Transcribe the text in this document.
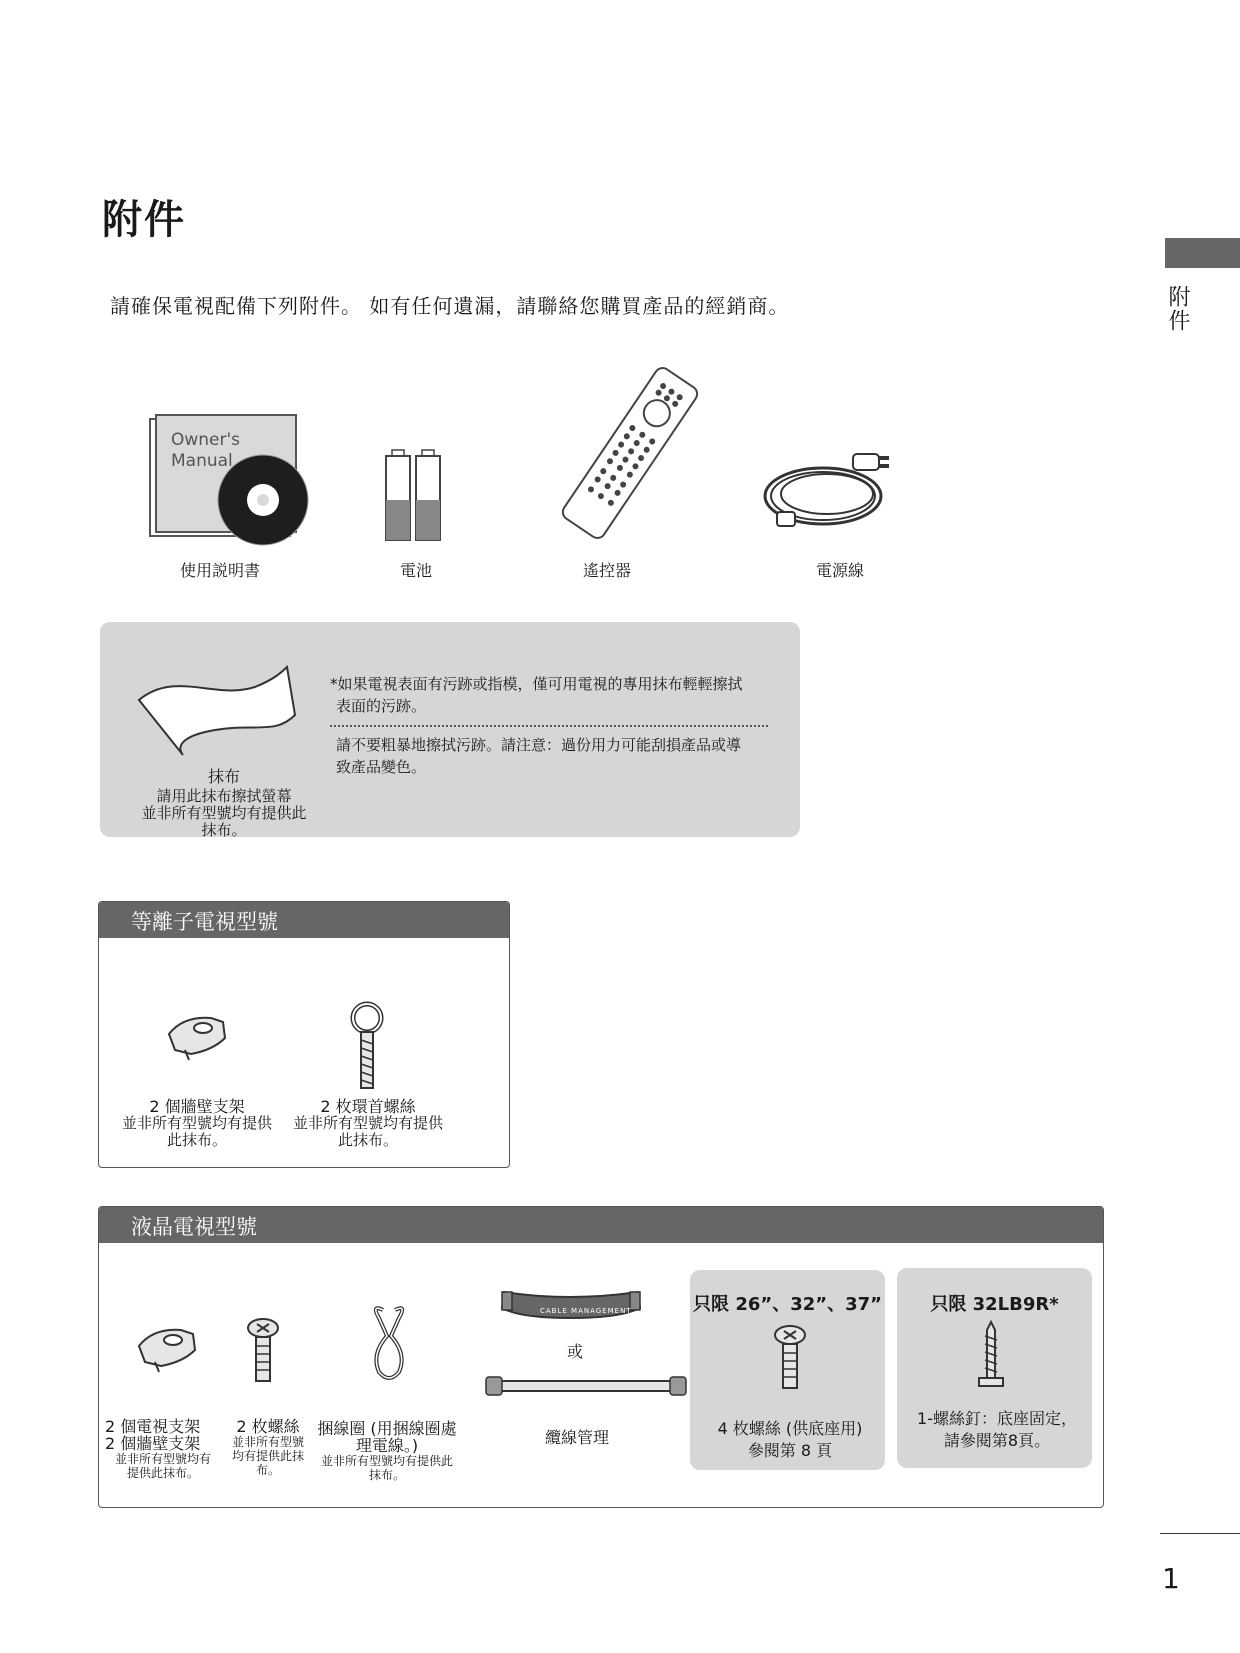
附件
請確保電視配備下列附件。 如有任何遺漏，請聯絡您購買產品的經銷商。	附件
Owner's
Manual
使用説明書	電池	遙控器	電源線
抹布
請用此抹布擦拭螢幕
並非所有型號均有提供此
抹布。
*如果電視表面有污跡或指模，僅可用電視的專用抹布輕輕擦拭
表面的污跡。
請不要粗暴地擦拭污跡。請注意：過份用力可能刮損產品或導
致產品變色。
等離子電視型號
2 個牆壁支架
並非所有型號均有提供
此抹布。
2 枚環首螺絲
並非所有型號均有提供
此抹布。
液晶電視型號
CABLE MANAGEMENT
或
2 個電視支架
2 個牆壁支架
並非所有型號均有
提供此抹布。
2 枚螺絲
並非所有型號
均有提供此抹
布。
捆線圈 (用捆線圈處
理電線。)
並非所有型號均有提供此
抹布。
纜線管理
只限 26”、32”、37”
4 枚螺絲 (供底座用)
參閱第 8 頁
只限 32LB9R*
1-螺絲釘：底座固定，
請參閱第8頁。
1
